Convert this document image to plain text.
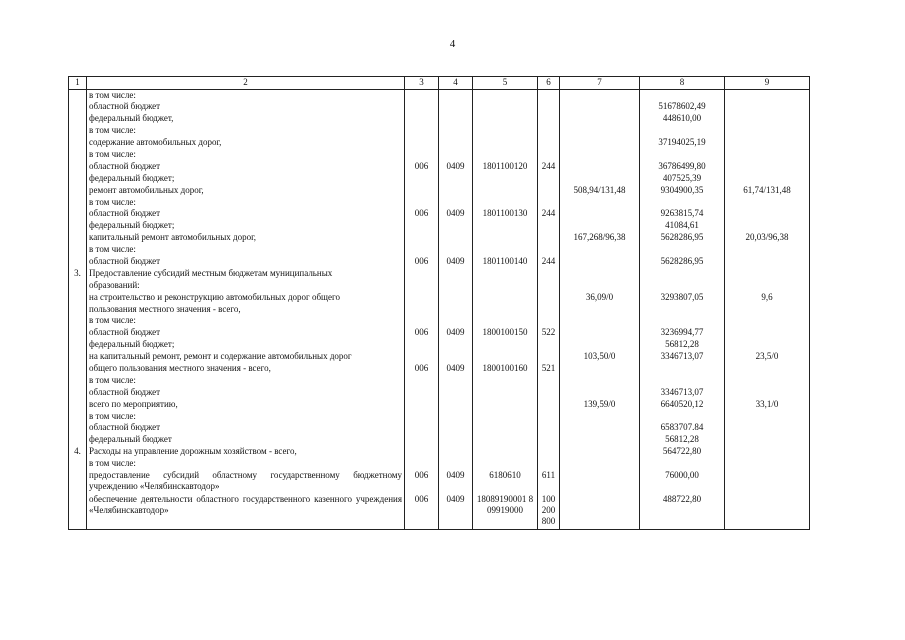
4
1	2	3	4	5	6	7	8	9
	в том числе:							
	областной бюджет						51678602,49	
	федеральный бюджет,						448610,00	
	в том числе:							
	содержание автомобильных дорог,						37194025,19	
	в том числе:							
	областной бюджет	006	0409	1801100120	244		36786499,80	
	федеральный бюджет;						407525,39	
	ремонт автомобильных дорог,					508,94/131,48	9304900,35	61,74/131,48
	в том числе:							
	областной бюджет	006	0409	1801100130	244		9263815,74	
	федеральный бюджет;						41084,61	
	капитальный ремонт автомобильных дорог,					167,268/96,38	5628286,95	20,03/96,38
	в том числе:							
	областной бюджет	006	0409	1801100140	244		5628286,95	
3.	Предоставление субсидий местным бюджетам муниципальных							
	образований:							
	на строительство и реконструкцию автомобильных дорог общего					36,09/0	3293807,05	9,6
	пользования местного значения - всего,							
	в том числе:							
	областной бюджет	006	0409	1800100150	522		3236994,77	
	федеральный бюджет;						56812,28	
	на капитальный ремонт, ремонт и содержание автомобильных дорог					103,50/0	3346713,07	23,5/0
	общего пользования местного значения - всего,	006	0409	1800100160	521			
	в том числе:							
	областной бюджет						3346713,07	
	всего по мероприятию,					139,59/0	6640520,12	33,1/0
	в том числе:							
	областной бюджет						6583707.84	
	федеральный бюджет						56812,28	
4.	Расходы на управление дорожным хозяйством - всего,						564722,80	
	в том числе:							
	предоставление субсидий областному государственному бюджетному учреждению «Челябинскавтодор»	006	0409	6180610	611		76000,00	
	обеспечение деятельности областного государственного казенного учреждения «Челябинскавтодор»	006	0409	18089190001 809919000	100 200 800		488722,80	
